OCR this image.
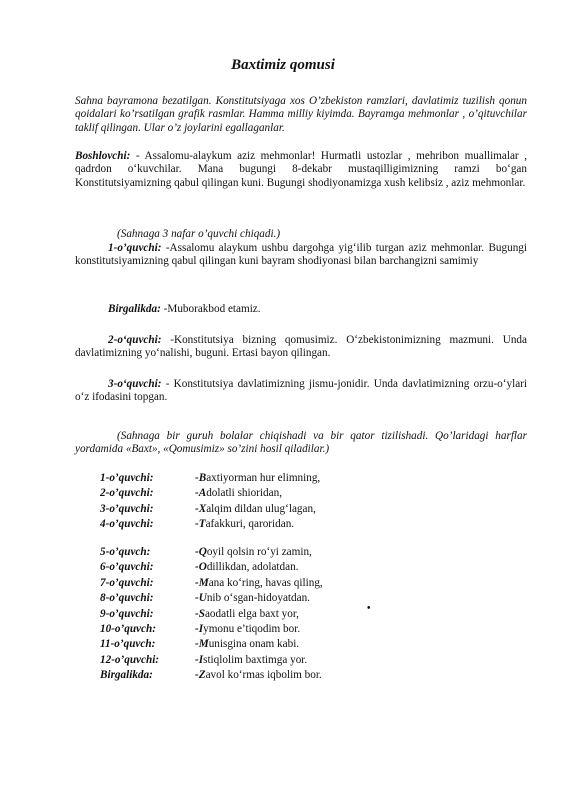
Baxtimiz qomusi
Sahna bayramona bezatilgan. Konstitutsiyaga xos O’zbekiston ramzlari, davlatimiz tuzilish qonun qoidalari ko’rsatilgan grafik rasmlar. Hamma milliy kiyimda. Bayramga mehmonlar , o’qituvchilar taklif qilingan. Ular o’z joylarini egallaganlar.
Boshlovchi: - Assalomu-alaykum aziz mehmonlar! Hurmatli ustozlar , mehribon muallimalar , qadrdon o‘kuvchilar. Mana bugungi 8-dekabr mustaqilligimizning ramzi bo‘gan Konstitutsiyamizning qabul qilingan kuni. Bugungi shodiyonamizga xush kelibsiz , aziz mehmonlar.
(Sahnaga 3 nafar o’quvchi chiqadi.)
1-o’quvchi: -Assalomu alaykum ushbu dargohga yig‘ilib turgan aziz mehmonlar. Bugungi konstitutsiyamizning qabul qilingan kuni bayram shodiyonasi bilan barchangizni samimiy
Birgalikda: -Muborakbod etamiz.
2-o‘quvchi: -Konstitutsiya bizning qomusimiz. O‘zbekistonimizning mazmuni. Unda davlatimizning yo‘nalishi, buguni. Ertasi bayon qilingan.
3-o‘quvchi: - Konstitutsiya davlatimizning jismu-jonidir. Unda davlatimizning orzu-o‘ylari o‘z ifodasini topgan.
(Sahnaga bir guruh bolalar chiqishadi va bir qator tizilishadi. Qo’laridagi harflar yordamida «Baxt», «Qomusimiz» so’zini hosil qiladilar.)
1-o’quvchi:	-Baxtiyorman hur elimning,
2-o’quvchi:	-Adolatli shioridan,
3-o’quvchi:	-Xalqim dildan ulug‘lagan,
4-o’quvchi:	-Tafakkuri, qaroridan.
5-o’quvch:	-Qoyil qolsin ro‘yi zamin,
6-o’quvchi:	-Odillikdan, adolatdan.
7-o’quvchi:	-Mana ko‘ring, havas qiling,
8-o’quvchi:	-Unib o‘sgan-hidoyatdan.
9-o’quvchi:	-Saodatli elga baxt yor,
10-o’quvch:	-Iymonu e’tiqodim bor.
11-o’quvch:	-Munisgina onam kabi.
12-o’quvchi:	-Istiqlolim baxtimga yor.
Birgalikda:	-Zavol ko‘rmas iqbolim bor.
•
